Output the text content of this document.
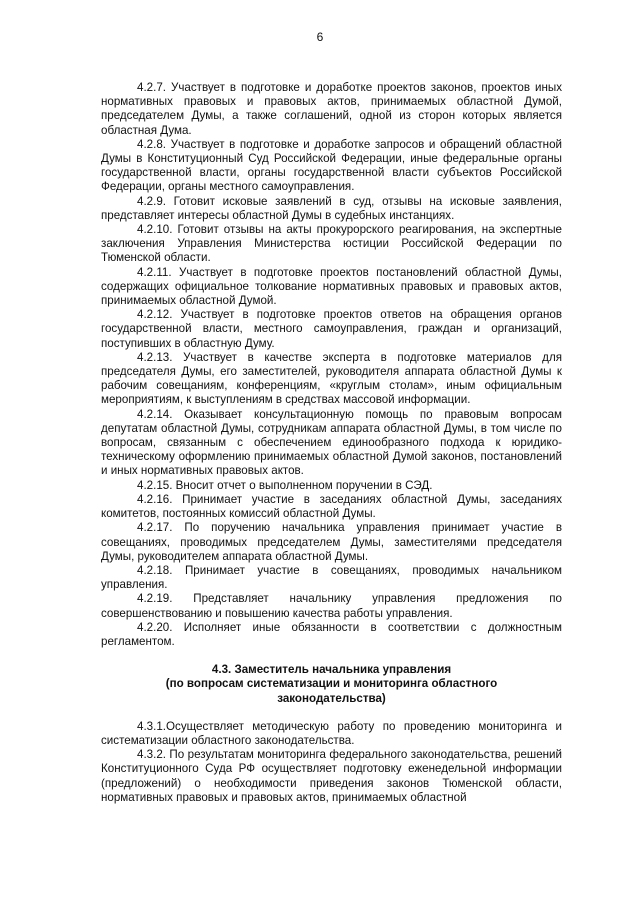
6

4.2.7. Участвует в подготовке и доработке проектов законов, проектов иных нормативных правовых и правовых актов, принимаемых областной Думой, председателем Думы, а также соглашений, одной из сторон которых является областная Дума.

4.2.8. Участвует в подготовке и доработке запросов и обращений областной Думы в Конституционный Суд Российской Федерации, иные федеральные органы государственной власти, органы государственной власти субъектов Российской Федерации, органы местного самоуправления.

4.2.9. Готовит исковые заявлений в суд, отзывы на исковые заявления, представляет интересы областной Думы в судебных инстанциях.

4.2.10. Готовит отзывы на акты прокурорского реагирования, на экспертные заключения Управления Министерства юстиции Российской Федерации по Тюменской области.

4.2.11. Участвует в подготовке проектов постановлений областной Думы, содержащих официальное толкование нормативных правовых и правовых актов, принимаемых областной Думой.

4.2.12. Участвует в подготовке проектов ответов на обращения органов государственной власти, местного самоуправления, граждан и организаций, поступивших в областную Думу.

4.2.13. Участвует в качестве эксперта в подготовке материалов для председателя Думы, его заместителей, руководителя аппарата областной Думы к рабочим совещаниям, конференциям, «круглым столам», иным официальным мероприятиям, к выступлениям в средствах массовой информации.

4.2.14. Оказывает консультационную помощь по правовым вопросам депутатам областной Думы, сотрудникам аппарата областной Думы, в том числе по вопросам, связанным с обеспечением единообразного подхода к юридико-техническому оформлению принимаемых областной Думой законов, постановлений и иных нормативных правовых актов.

4.2.15. Вносит отчет о выполненном поручении в СЭД.

4.2.16. Принимает участие в заседаниях областной Думы, заседаниях комитетов, постоянных комиссий областной Думы.

4.2.17. По поручению начальника управления принимает участие в совещаниях, проводимых председателем Думы, заместителями председателя Думы, руководителем аппарата областной Думы.

4.2.18. Принимает участие в совещаниях, проводимых начальником управления.

4.2.19. Представляет начальнику управления предложения по совершенствованию и повышению качества работы управления.

4.2.20. Исполняет иные обязанности в соответствии с должностным регламентом.

4.3. Заместитель начальника управления
(по вопросам систематизации и мониторинга областного
законодательства)

4.3.1.Осуществляет методическую работу по проведению мониторинга и систематизации областного законодательства.

4.3.2. По результатам мониторинга федерального законодательства, решений Конституционного Суда РФ осуществляет подготовку еженедельной информации (предложений) о необходимости приведения законов Тюменской области, нормативных правовых и правовых актов, принимаемых областной
